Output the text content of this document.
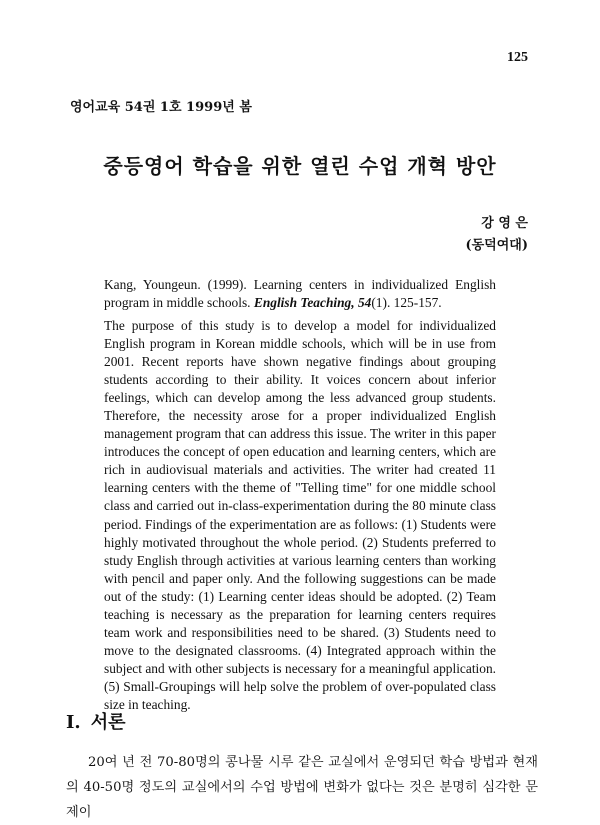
125
영어교육 54권 1호 1999년 봄
중등영어 학습을 위한 열린 수업 개혁 방안
강 영 은
(동덕여대)
Kang, Youngeun. (1999). Learning centers in individualized English program in middle schools. English Teaching, 54(1). 125-157.

The purpose of this study is to develop a model for individualized English program in Korean middle schools, which will be in use from 2001. Recent reports have shown negative findings about grouping students according to their ability. It voices concern about inferior feelings, which can develop among the less advanced group students. Therefore, the necessity arose for a proper individualized English management program that can address this issue. The writer in this paper introduces the concept of open education and learning centers, which are rich in audiovisual materials and activities. The writer had created 11 learning centers with the theme of "Telling time" for one middle school class and carried out in-class-experimentation during the 80 minute class period. Findings of the experimentation are as follows: (1) Students were highly motivated throughout the whole period. (2) Students preferred to study English through activities at various learning centers than working with pencil and paper only. And the following suggestions can be made out of the study: (1) Learning center ideas should be adopted. (2) Team teaching is necessary as the preparation for learning centers requires team work and responsibilities need to be shared. (3) Students need to move to the designated classrooms. (4) Integrated approach within the subject and with other subjects is necessary for a meaningful application. (5) Small-Groupings will help solve the problem of over-populated class size in teaching.

I. 서론

20여 년 전 70-80명의 콩나물 시루 같은 교실에서 운영되던 학습 방법과 현재의 40-50명 정도의 교실에서의 수업 방법에 변화가 없다는 것은 분명히 심각한 문제이
